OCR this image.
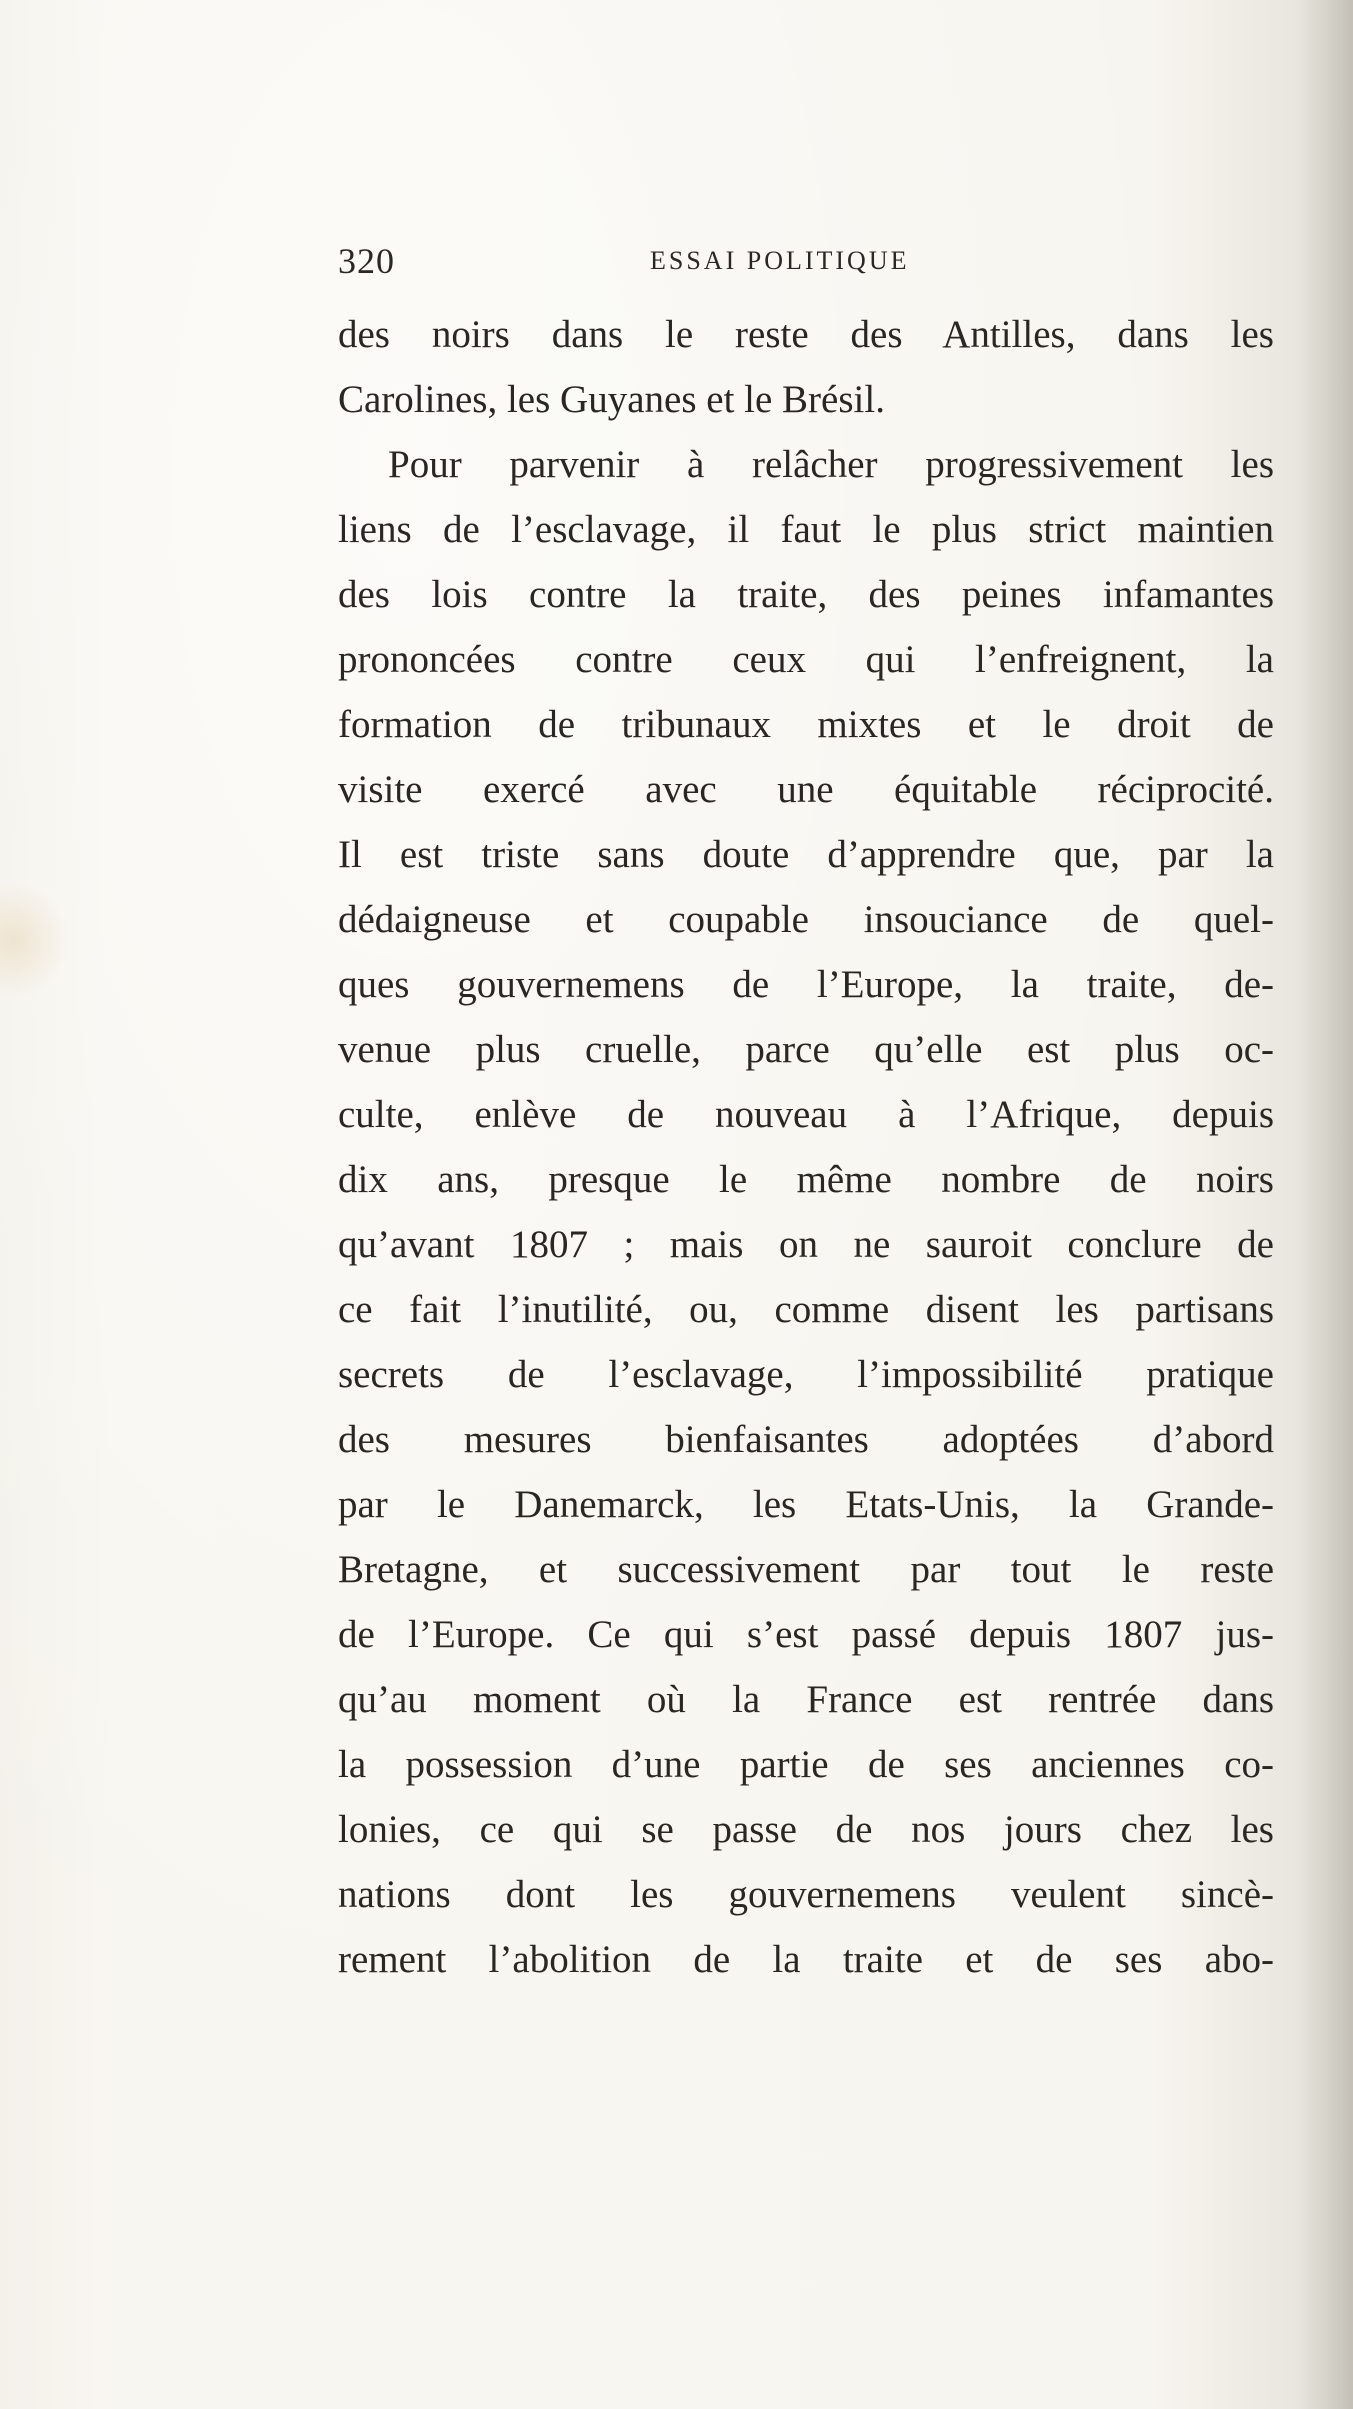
320	ESSAI POLITIQUE
des noirs dans le reste des Antilles, dans les
Carolines, les Guyanes et le Brésil.
Pour parvenir à relâcher progressivement les
liens de l’esclavage, il faut le plus strict maintien
des lois contre la traite, des peines infamantes
prononcées contre ceux qui l’enfreignent, la
formation de tribunaux mixtes et le droit de
visite exercé avec une équitable réciprocité.
Il est triste sans doute d’apprendre que, par la
dédaigneuse et coupable insouciance de quel-
ques gouvernemens de l’Europe, la traite, de-
venue plus cruelle, parce qu’elle est plus oc-
culte, enlève de nouveau à l’Afrique, depuis
dix ans, presque le même nombre de noirs
qu’avant 1807 ; mais on ne sauroit conclure de
ce fait l’inutilité, ou, comme disent les partisans
secrets de l’esclavage, l’impossibilité pratique
des mesures bienfaisantes adoptées d’abord
par le Danemarck, les Etats-Unis, la Grande-
Bretagne, et successivement par tout le reste
de l’Europe. Ce qui s’est passé depuis 1807 jus-
qu’au moment où la France est rentrée dans
la possession d’une partie de ses anciennes co-
lonies, ce qui se passe de nos jours chez les
nations dont les gouvernemens veulent sincè-
rement l’abolition de la traite et de ses abo-
